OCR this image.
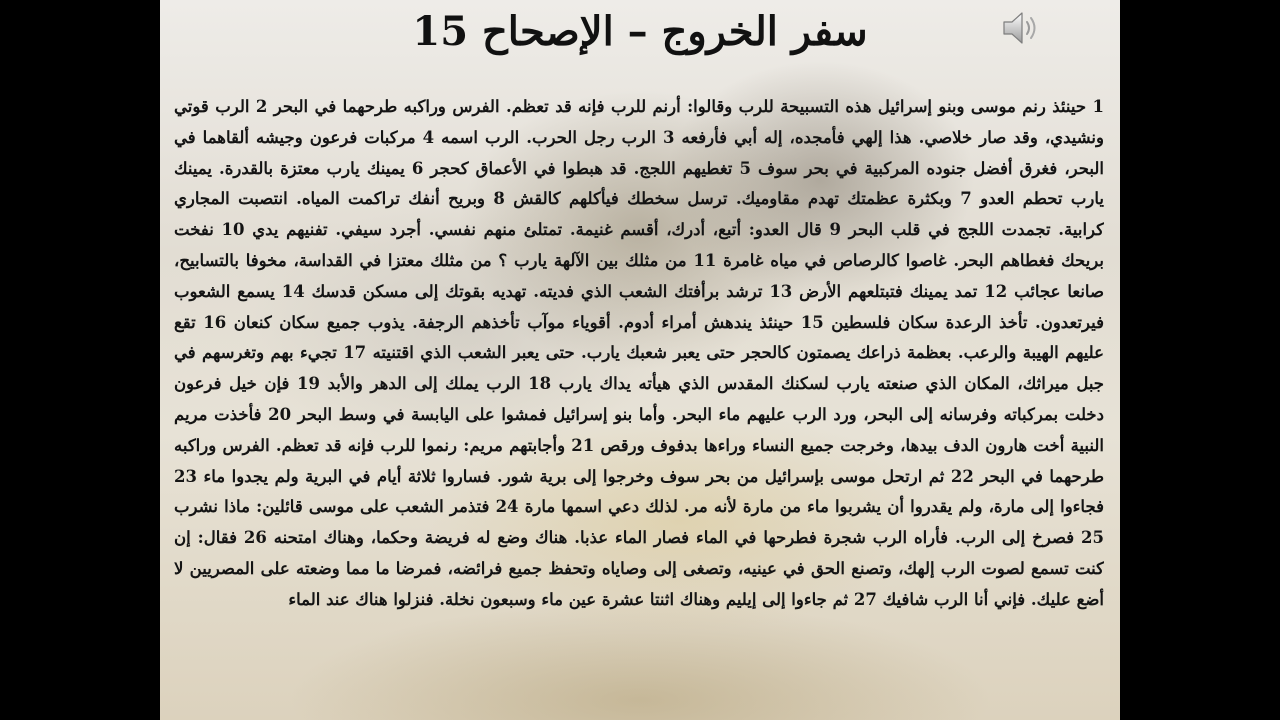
سفر الخروج – الإصحاح 15

1 حينئذ رنم موسى وبنو إسرائيل هذه التسبيحة للرب وقالوا: أرنم للرب فإنه قد تعظم. الفرس وراكبه طرحهما في البحر 2 الرب قوتي ونشيدي، وقد صار خلاصي. هذا إلهي فأمجده، إله أبي فأرفعه 3 الرب رجل الحرب. الرب اسمه 4 مركبات فرعون وجيشه ألقاهما في البحر، فغرق أفضل جنوده المركبية في بحر سوف 5 تغطيهم اللجج. قد هبطوا في الأعماق كحجر 6 يمينك يارب معتزة بالقدرة. يمينك يارب تحطم العدو 7 وبكثرة عظمتك تهدم مقاوميك. ترسل سخطك فيأكلهم كالقش 8 وبريح أنفك تراكمت المياه. انتصبت المجاري كرابية. تجمدت اللجج في قلب البحر 9 قال العدو: أتبع، أدرك، أقسم غنيمة. تمتلئ منهم نفسي. أجرد سيفي. تفنيهم يدي 10 نفخت بريحك فغطاهم البحر. غاصوا كالرصاص في مياه غامرة 11 من مثلك بين الآلهة يارب ؟ من مثلك معتزا في القداسة، مخوفا بالتسابيح، صانعا عجائب 12 تمد يمينك فتبتلعهم الأرض 13 ترشد برأفتك الشعب الذي فديته. تهديه بقوتك إلى مسكن قدسك 14 يسمع الشعوب فيرتعدون. تأخذ الرعدة سكان فلسطين 15 حينئذ يندهش أمراء أدوم. أقوياء موآب تأخذهم الرجفة. يذوب جميع سكان كنعان 16 تقع عليهم الهيبة والرعب. بعظمة ذراعك يصمتون كالحجر حتى يعبر شعبك يارب. حتى يعبر الشعب الذي اقتنيته 17 تجيء بهم وتغرسهم في جبل ميراثك، المكان الذي صنعته يارب لسكنك المقدس الذي هيأته يداك يارب 18 الرب يملك إلى الدهر والأبد 19 فإن خيل فرعون دخلت بمركباته وفرسانه إلى البحر، ورد الرب عليهم ماء البحر. وأما بنو إسرائيل فمشوا على اليابسة في وسط البحر 20 فأخذت مريم النبية أخت هارون الدف بيدها، وخرجت جميع النساء وراءها بدفوف ورقص 21 وأجابتهم مريم: رنموا للرب فإنه قد تعظم. الفرس وراكبه طرحهما في البحر 22 ثم ارتحل موسى بإسرائيل من بحر سوف وخرجوا إلى برية شور. فساروا ثلاثة أيام في البرية ولم يجدوا ماء 23 فجاءوا إلى مارة، ولم يقدروا أن يشربوا ماء من مارة لأنه مر. لذلك دعي اسمها مارة 24 فتذمر الشعب على موسى قائلين: ماذا نشرب 25 فصرخ إلى الرب. فأراه الرب شجرة فطرحها في الماء فصار الماء عذبا. هناك وضع له فريضة وحكما، وهناك امتحنه 26 فقال: إن كنت تسمع لصوت الرب إلهك، وتصنع الحق في عينيه، وتصغى إلى وصاياه وتحفظ جميع فرائضه، فمرضا ما مما وضعته على المصريين لا أضع عليك. فإني أنا الرب شافيك 27 ثم جاءوا إلى إيليم وهناك اثنتا عشرة عين ماء وسبعون نخلة. فنزلوا هناك عند الماء
